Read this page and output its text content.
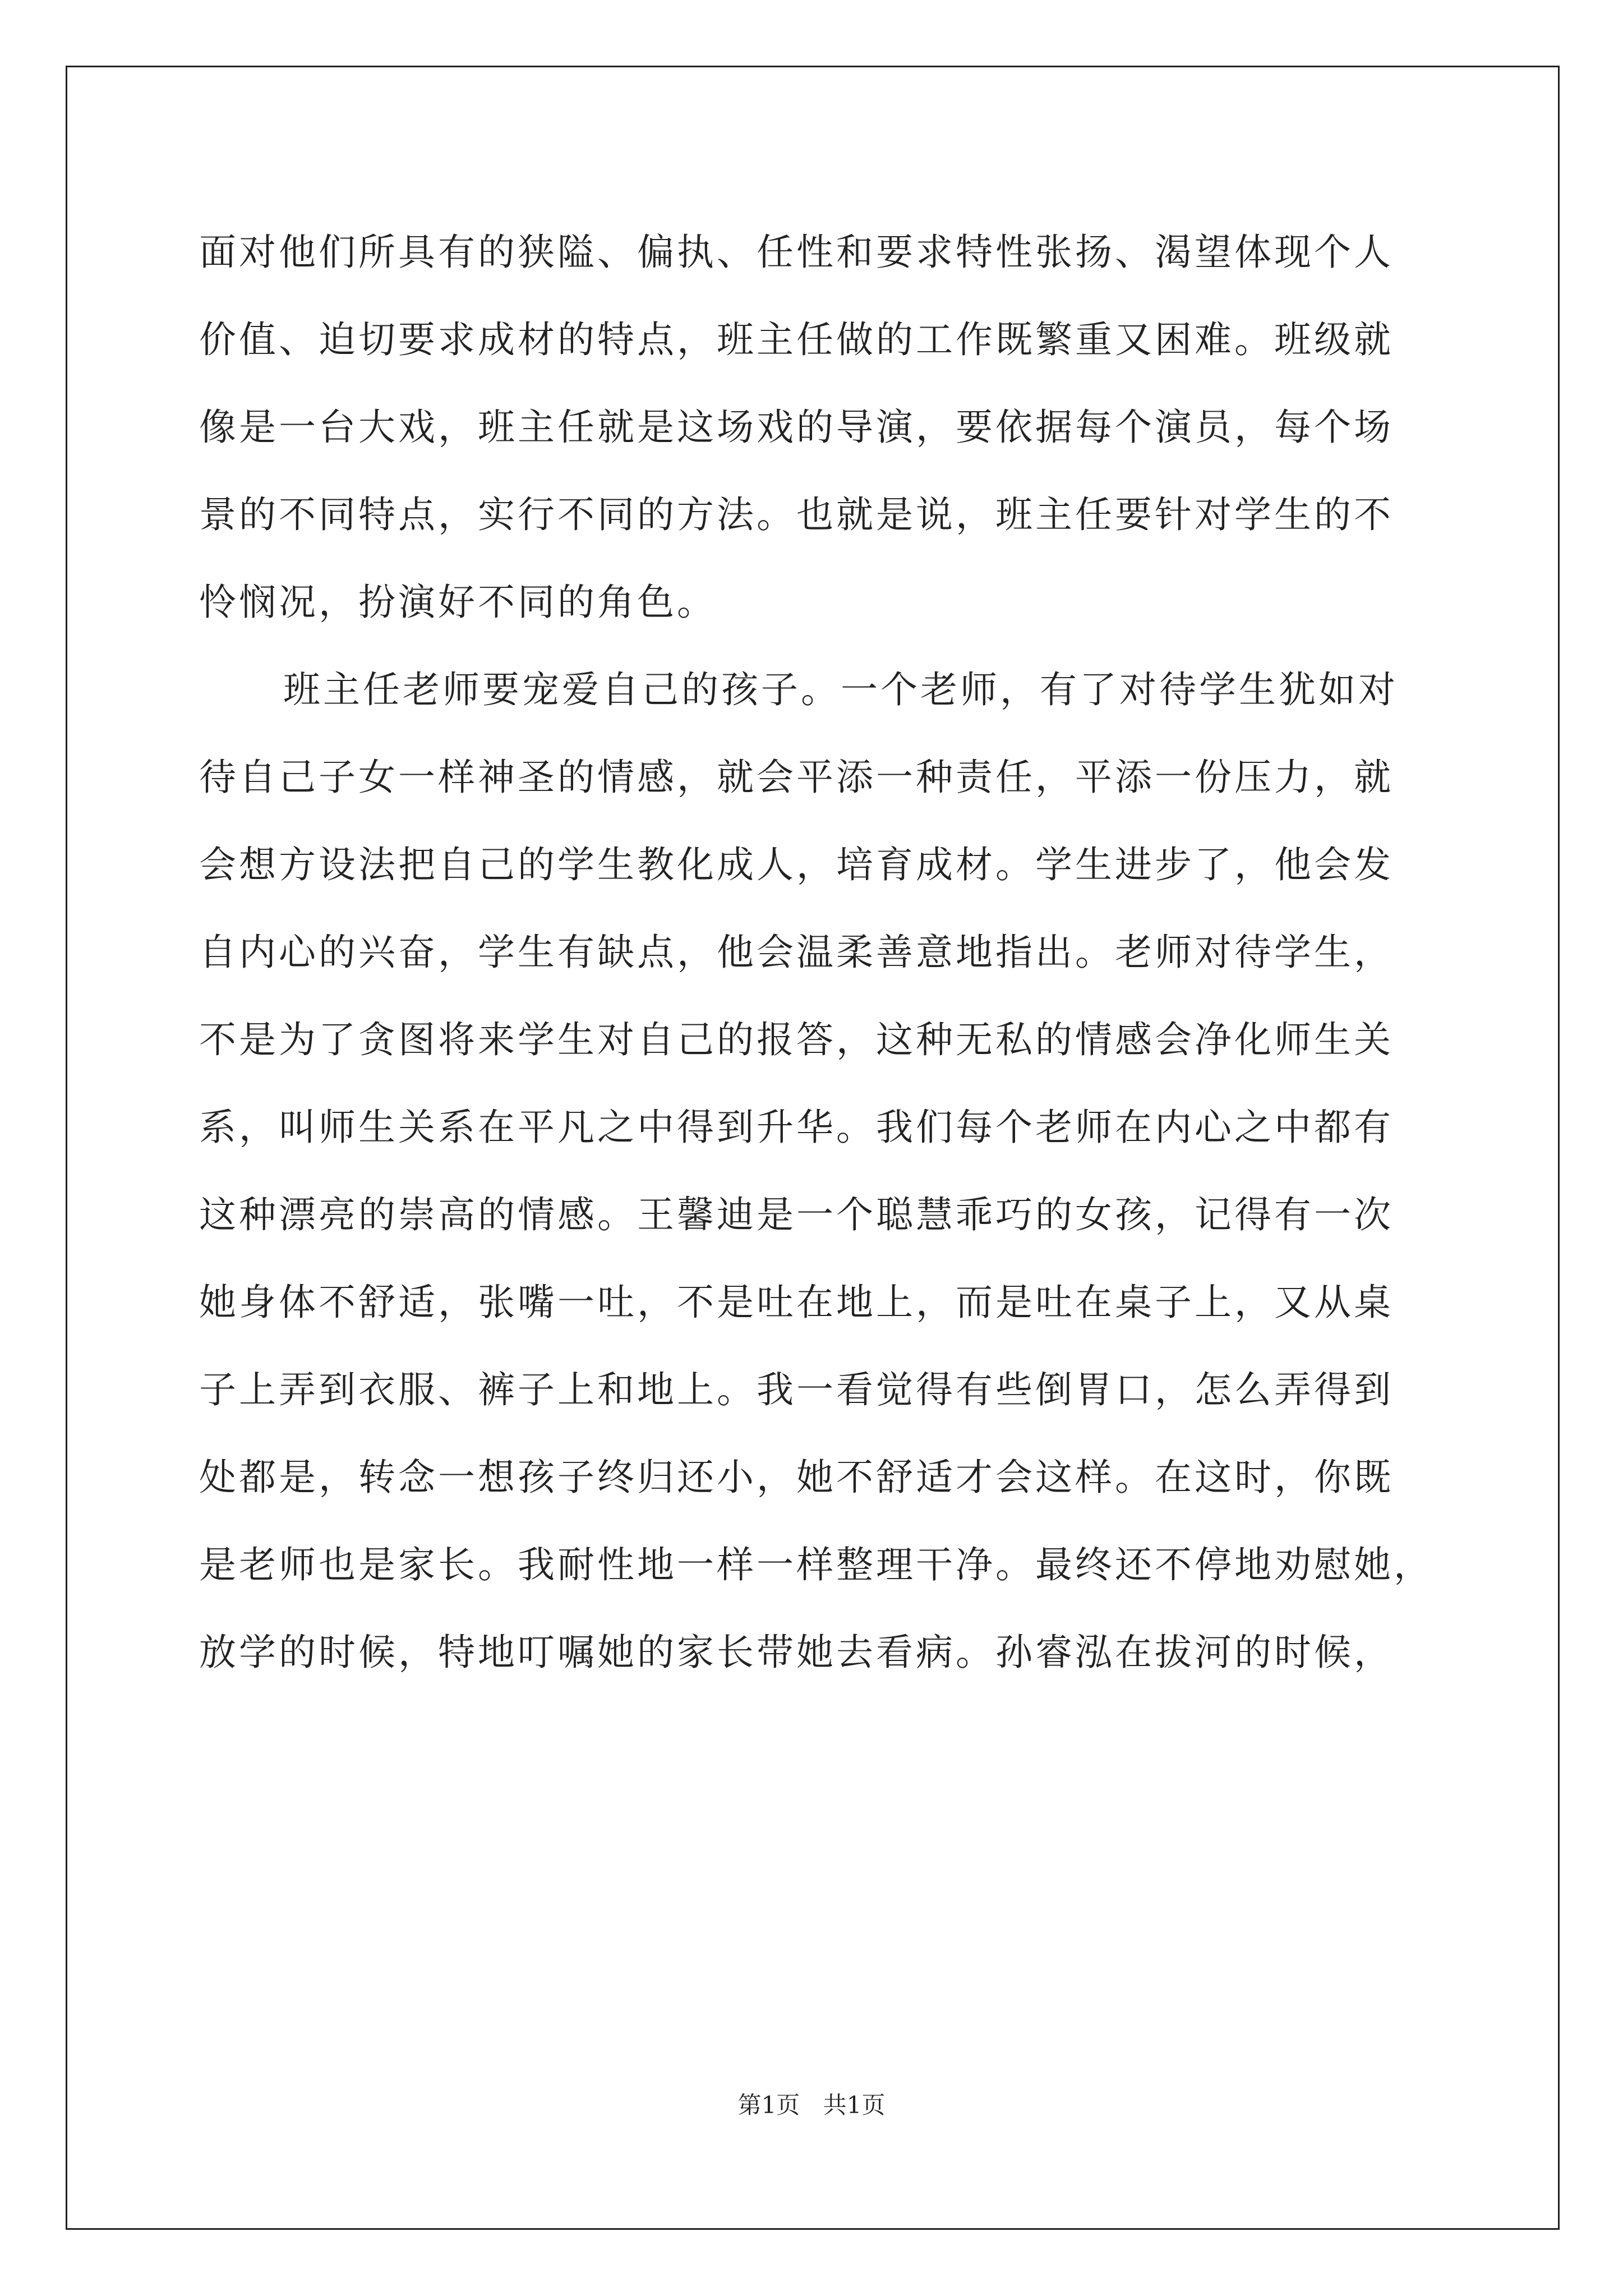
面对他们所具有的狭隘、偏执、任性和要求特性张扬、渴望体现个人
价值、迫切要求成材的特点，班主任做的工作既繁重又困难。班级就
像是一台大戏，班主任就是这场戏的导演，要依据每个演员，每个场
景的不同特点，实行不同的方法。也就是说，班主任要针对学生的不
怜悯况，扮演好不同的角色。
班主任老师要宠爱自己的孩子。一个老师，有了对待学生犹如对
待自己子女一样神圣的情感，就会平添一种责任，平添一份压力，就
会想方设法把自己的学生教化成人，培育成材。学生进步了，他会发
自内心的兴奋，学生有缺点，他会温柔善意地指出。老师对待学生，
不是为了贪图将来学生对自己的报答，这种无私的情感会净化师生关
系，叫师生关系在平凡之中得到升华。我们每个老师在内心之中都有
这种漂亮的崇高的情感。王馨迪是一个聪慧乖巧的女孩，记得有一次
她身体不舒适，张嘴一吐，不是吐在地上，而是吐在桌子上，又从桌
子上弄到衣服、裤子上和地上。我一看觉得有些倒胃口，怎么弄得到
处都是，转念一想孩子终归还小，她不舒适才会这样。在这时，你既
是老师也是家长。我耐性地一样一样整理干净。最终还不停地劝慰她，
放学的时候，特地叮嘱她的家长带她去看病。孙睿泓在拔河的时候，
第1页 共1页
